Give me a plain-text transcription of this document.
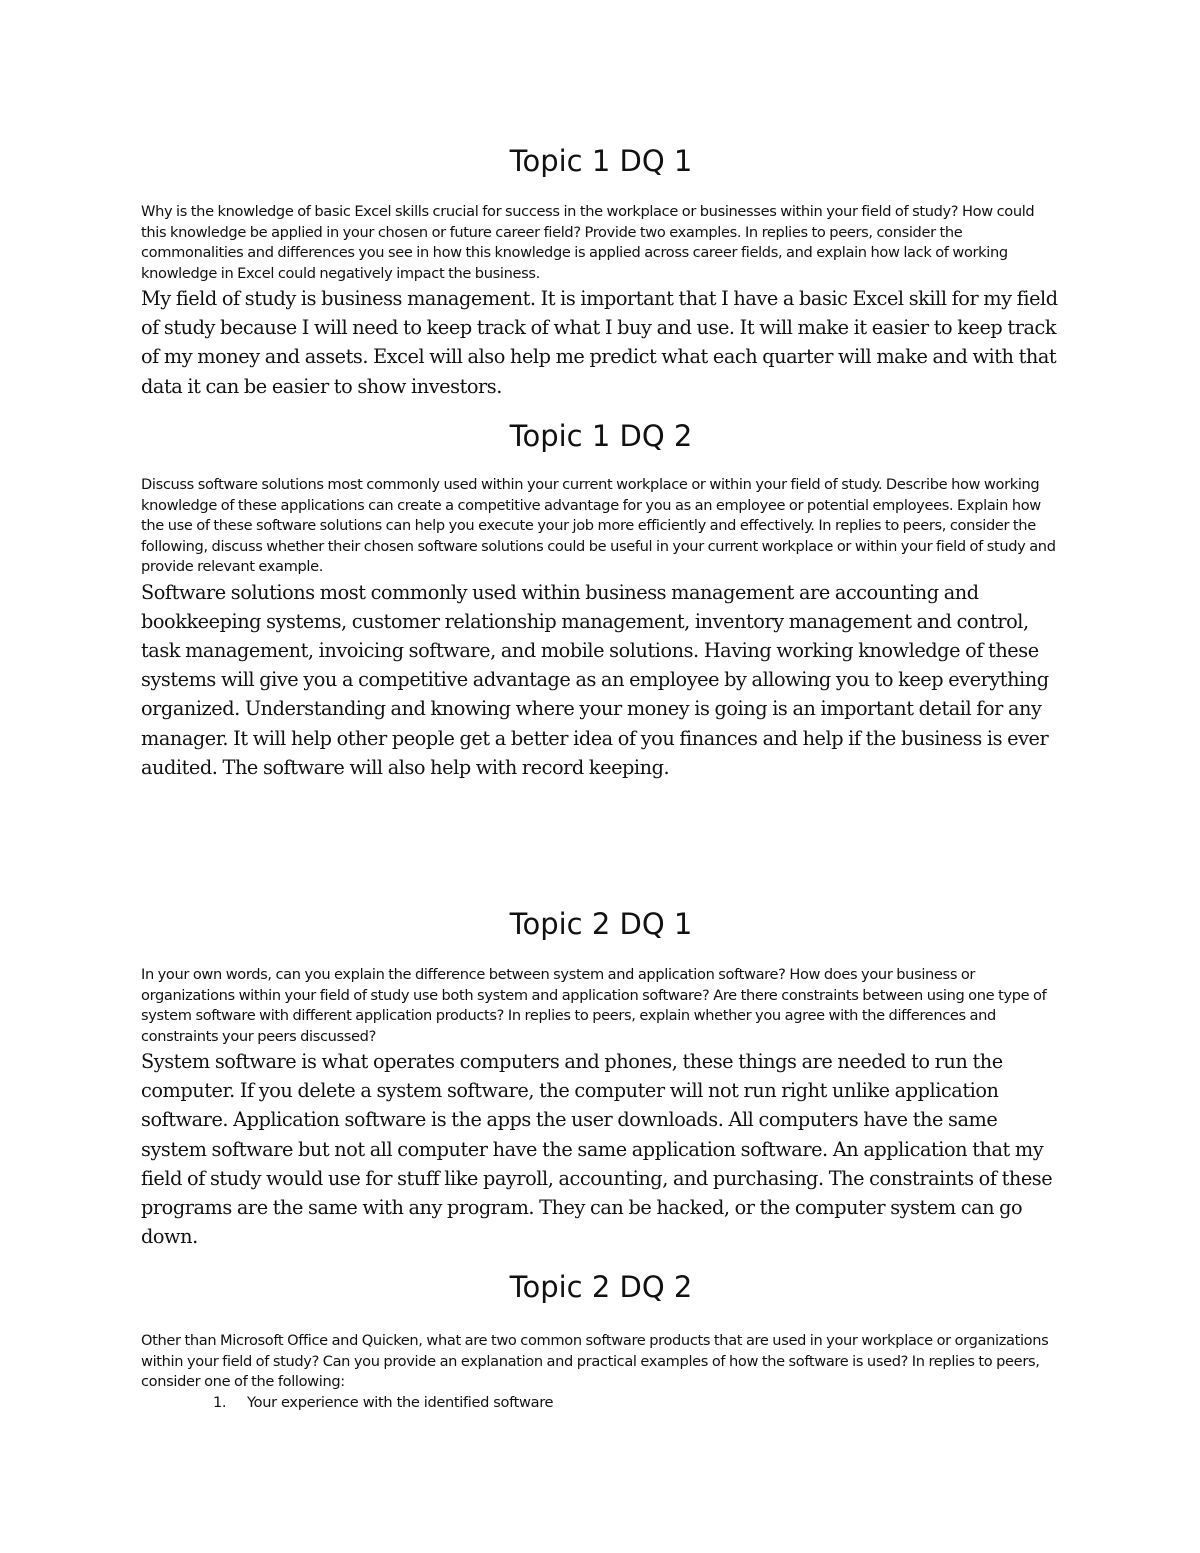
Topic 1 DQ 1

Why is the knowledge of basic Excel skills crucial for success in the workplace or businesses within your field of study? How could this knowledge be applied in your chosen or future career field? Provide two examples. In replies to peers, consider the commonalities and differences you see in how this knowledge is applied across career fields, and explain how lack of working knowledge in Excel could negatively impact the business.

My field of study is business management. It is important that I have a basic Excel skill for my field of study because I will need to keep track of what I buy and use. It will make it easier to keep track of my money and assets. Excel will also help me predict what each quarter will make and with that data it can be easier to show investors.

Topic 1 DQ 2

Discuss software solutions most commonly used within your current workplace or within your field of study. Describe how working knowledge of these applications can create a competitive advantage for you as an employee or potential employees. Explain how the use of these software solutions can help you execute your job more efficiently and effectively. In replies to peers, consider the following, discuss whether their chosen software solutions could be useful in your current workplace or within your field of study and provide relevant example.

Software solutions most commonly used within business management are accounting and bookkeeping systems, customer relationship management, inventory management and control, task management, invoicing software, and mobile solutions. Having working knowledge of these systems will give you a competitive advantage as an employee by allowing you to keep everything organized. Understanding and knowing where your money is going is an important detail for any manager. It will help other people get a better idea of you finances and help if the business is ever audited. The software will also help with record keeping.

Topic 2 DQ 1

In your own words, can you explain the difference between system and application software? How does your business or organizations within your field of study use both system and application software? Are there constraints between using one type of system software with different application products? In replies to peers, explain whether you agree with the differences and constraints your peers discussed?

System software is what operates computers and phones, these things are needed to run the computer. If you delete a system software, the computer will not run right unlike application software. Application software is the apps the user downloads. All computers have the same system software but not all computer have the same application software. An application that my field of study would use for stuff like payroll, accounting, and purchasing. The constraints of these programs are the same with any program. They can be hacked, or the computer system can go down.

Topic 2 DQ 2

Other than Microsoft Office and Quicken, what are two common software products that are used in your workplace or organizations within your field of study? Can you provide an explanation and practical examples of how the software is used? In replies to peers, consider one of the following:

1. Your experience with the identified software
